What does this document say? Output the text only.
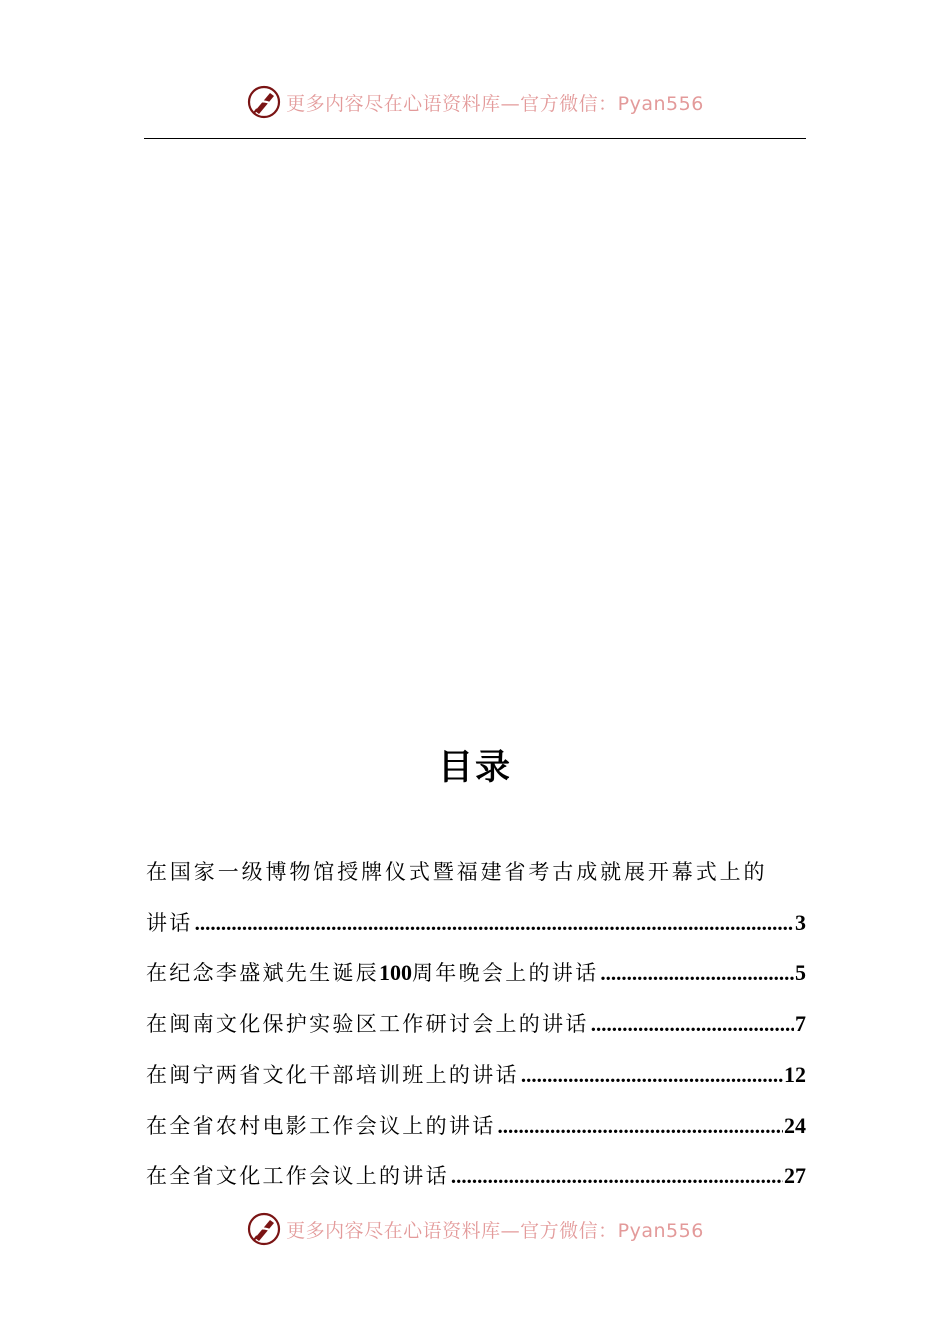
更多内容尽在心语资料库—官方微信：Pyan556
目录
在国家一级博物馆授牌仪式暨福建省考古成就展开幕式上的
讲话 .....	3
在纪念李盛斌先生诞辰100周年晚会上的讲话 .....	5
在闽南文化保护实验区工作研讨会上的讲话 .....	7
在闽宁两省文化干部培训班上的讲话 .....	12
在全省农村电影工作会议上的讲话 .....	24
在全省文化工作会议上的讲话 .....	27
更多内容尽在心语资料库—官方微信：Pyan556
